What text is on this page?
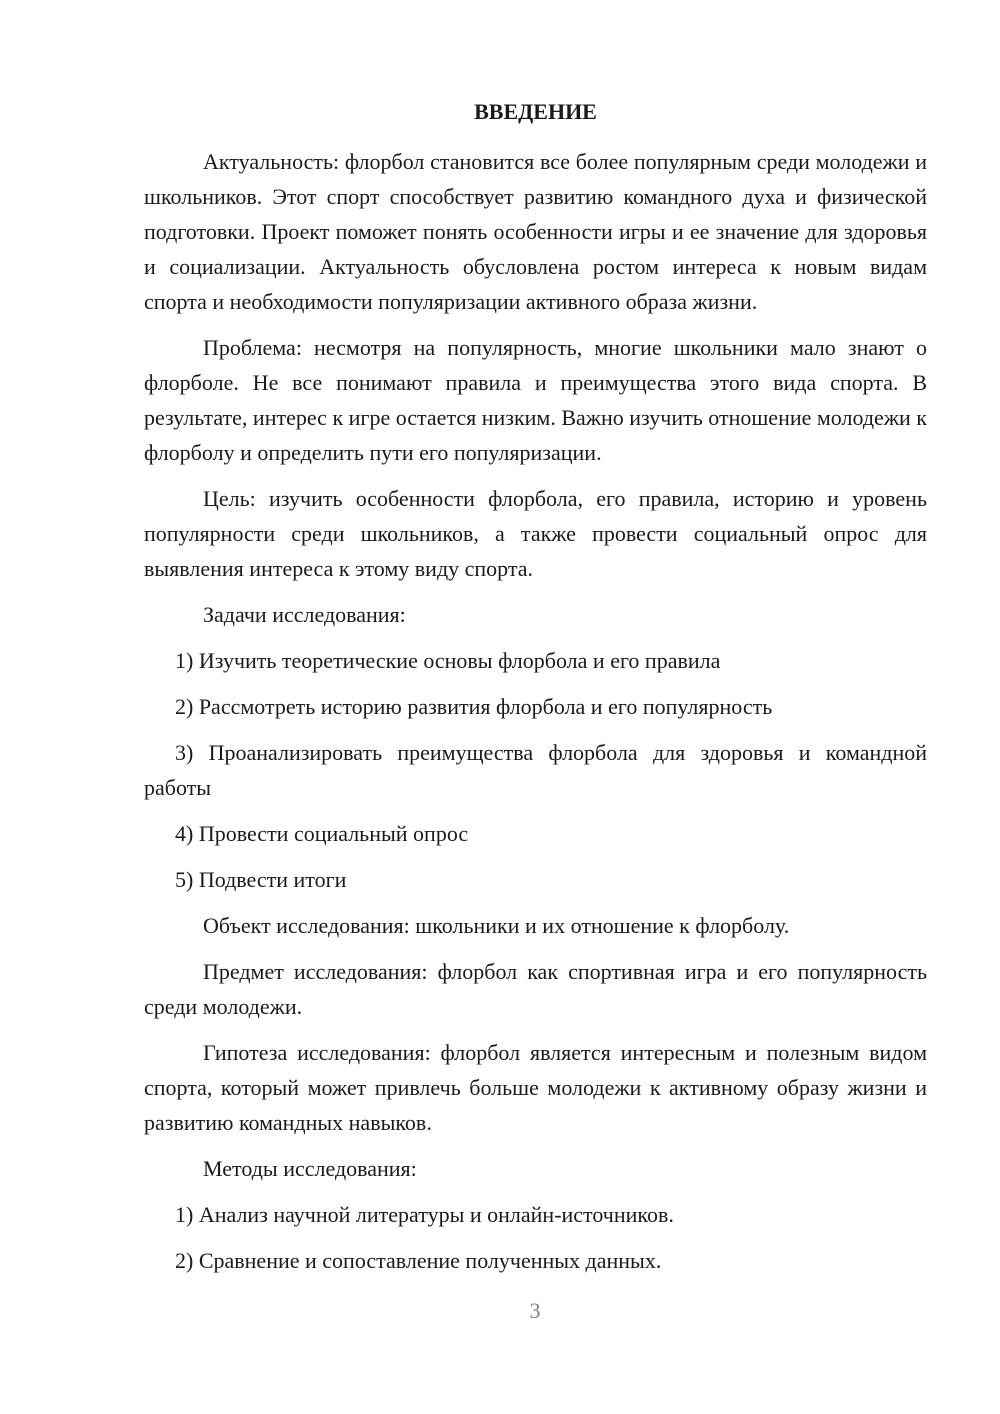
ВВЕДЕНИЕ

Актуальность: флорбол становится все более популярным среди молодежи и школьников. Этот спорт способствует развитию командного духа и физической подготовки. Проект поможет понять особенности игры и ее значение для здоровья и социализации. Актуальность обусловлена ростом интереса к новым видам спорта и необходимости популяризации активного образа жизни.

Проблема: несмотря на популярность, многие школьники мало знают о флорболе. Не все понимают правила и преимущества этого вида спорта. В результате, интерес к игре остается низким. Важно изучить отношение молодежи к флорболу и определить пути его популяризации.

Цель: изучить особенности флорбола, его правила, историю и уровень популярности среди школьников, а также провести социальный опрос для выявления интереса к этому виду спорта.

Задачи исследования:

1) Изучить теоретические основы флорбола и его правила

2) Рассмотреть историю развития флорбола и его популярность

3) Проанализировать преимущества флорбола для здоровья и командной работы

4) Провести социальный опрос

5) Подвести итоги

Объект исследования: школьники и их отношение к флорболу.

Предмет исследования: флорбол как спортивная игра и его популярность среди молодежи.

Гипотеза исследования: флорбол является интересным и полезным видом спорта, который может привлечь больше молодежи к активному образу жизни и развитию командных навыков.

Методы исследования:

1) Анализ научной литературы и онлайн-источников.

2) Сравнение и сопоставление полученных данных.

3
